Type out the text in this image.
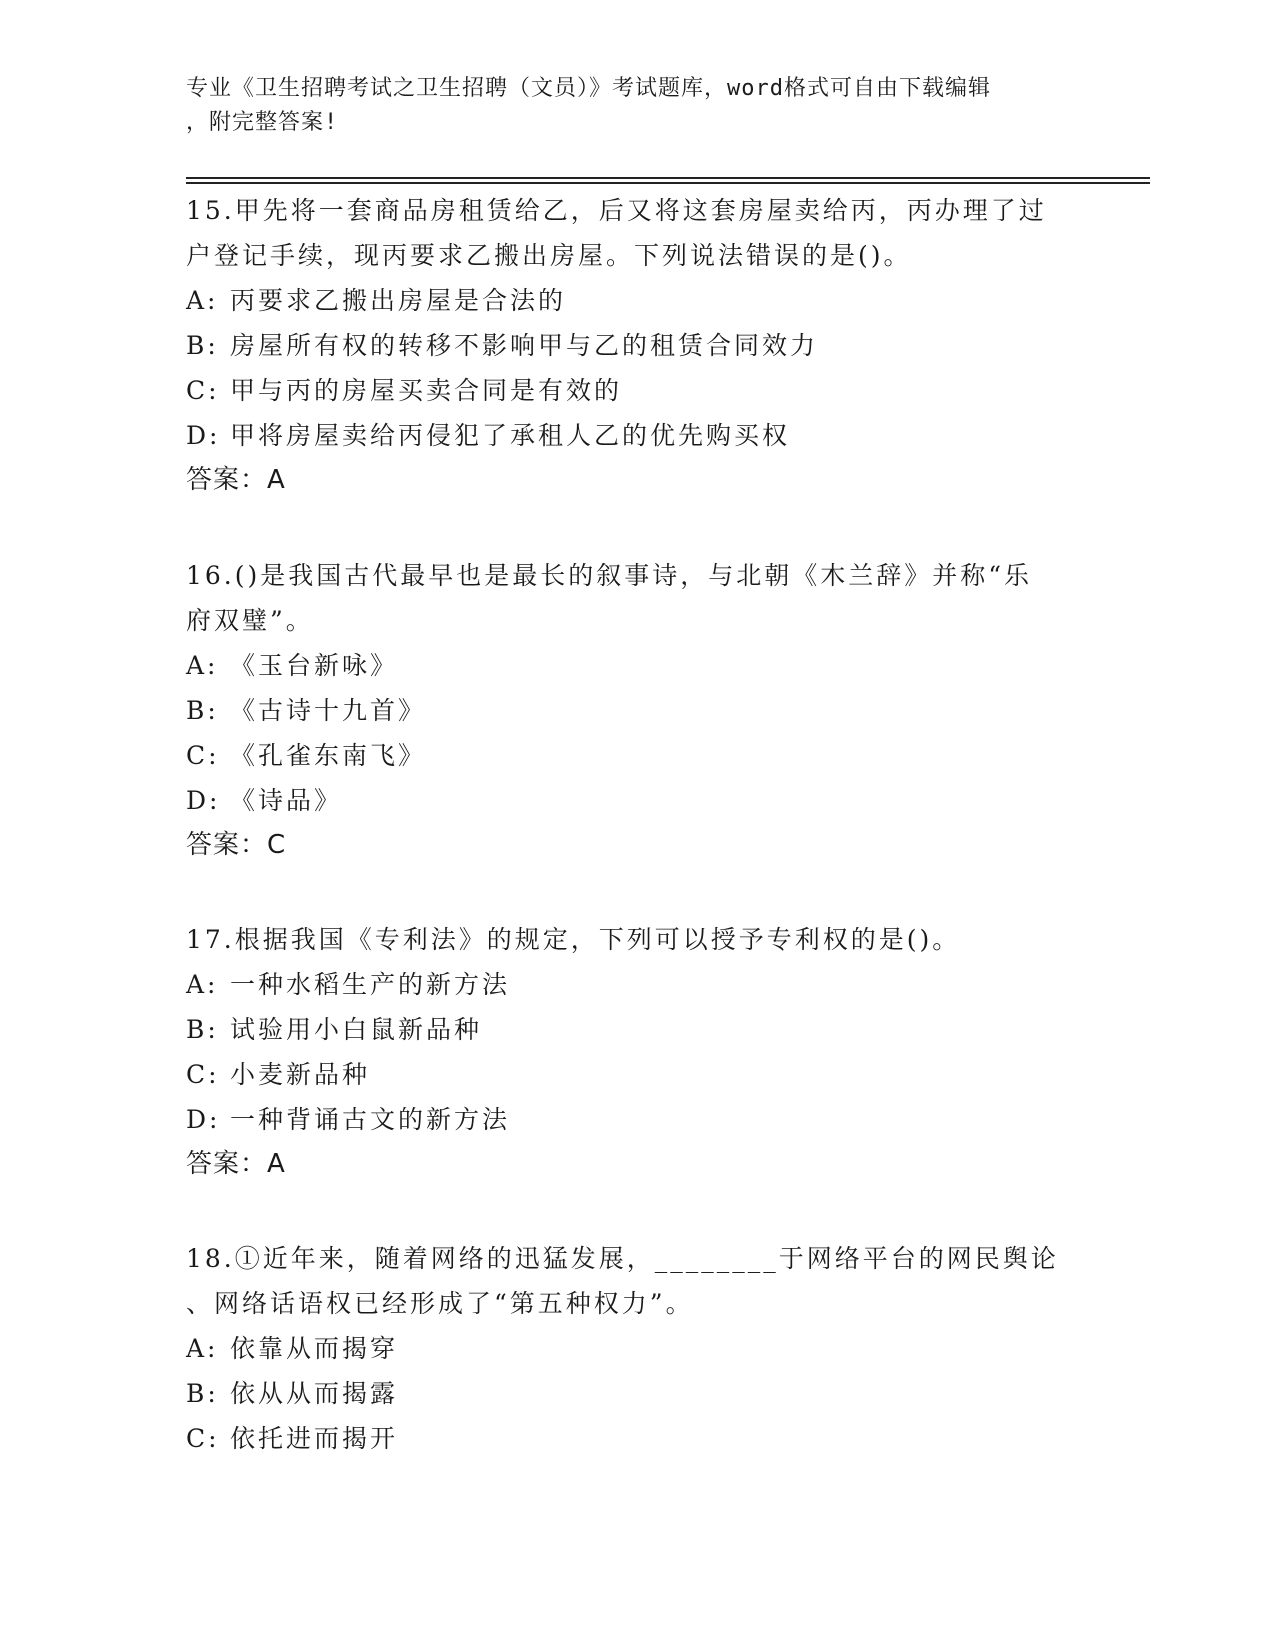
专业《卫生招聘考试之卫生招聘（文员）》考试题库，word格式可自由下载编辑
，附完整答案!

15.甲先将一套商品房租赁给乙，后又将这套房屋卖给丙，丙办理了过

户登记手续，现丙要求乙搬出房屋。下列说法错误的是()。

A: 丙要求乙搬出房屋是合法的

B: 房屋所有权的转移不影响甲与乙的租赁合同效力

C: 甲与丙的房屋买卖合同是有效的

D: 甲将房屋卖给丙侵犯了承租人乙的优先购买权

答案：A

16.()是我国古代最早也是最长的叙事诗，与北朝《木兰辞》并称“乐

府双璧”。

A: 《玉台新咏》

B: 《古诗十九首》

C: 《孔雀东南飞》

D: 《诗品》

答案：C

17.根据我国《专利法》的规定，下列可以授予专利权的是()。

A: 一种水稻生产的新方法

B: 试验用小白鼠新品种

C: 小麦新品种

D: 一种背诵古文的新方法

答案：A

18.①近年来，随着网络的迅猛发展，________于网络平台的网民舆论

、网络话语权已经形成了“第五种权力”。

A: 依靠从而揭穿

B: 依从从而揭露

C: 依托进而揭开
